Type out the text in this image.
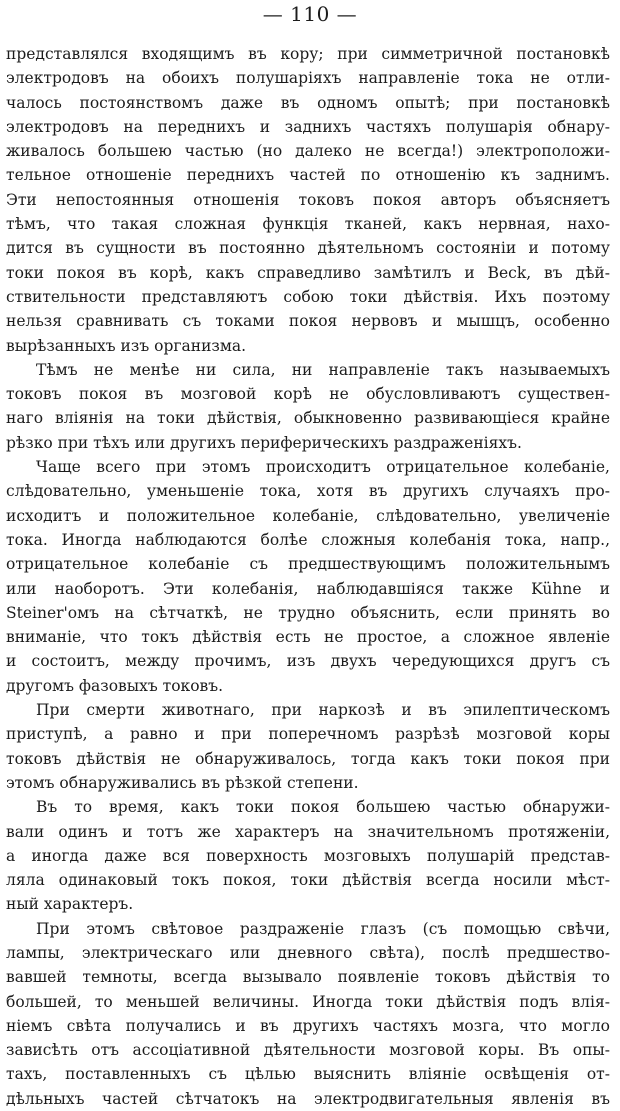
— 110 —
представлялся входящимъ въ кору; при симметричной постановкѣ
электродовъ на обоихъ полушаріяхъ направленіе тока не отли-
чалось постоянствомъ даже въ одномъ опытѣ; при постановкѣ
электродовъ на переднихъ и заднихъ частяхъ полушарія обнару-
живалось большею частью (но далеко не всегда!) электроположи-
тельное отношеніе переднихъ частей по отношенію къ заднимъ.
Эти непостоянныя отношенія токовъ покоя авторъ объясняетъ
тѣмъ, что такая сложная функція тканей, какъ нервная, нахо-
дится въ сущности въ постоянно дѣятельномъ состояніи и потому
токи покоя въ корѣ, какъ справедливо замѣтилъ и Beck, въ дѣй-
ствительности представляютъ собою токи дѣйствія. Ихъ поэтому
нельзя сравнивать съ токами покоя нервовъ и мышцъ, особенно
вырѣзанныхъ изъ организма.
Тѣмъ не менѣе ни сила, ни направленіе такъ называемыхъ
токовъ покоя въ мозговой корѣ не обусловливаютъ существен-
наго вліянія на токи дѣйствія, обыкновенно развивающіеся крайне
рѣзко при тѣхъ или другихъ периферическихъ раздраженіяхъ.
Чаще всего при этомъ происходитъ отрицательное колебаніе,
слѣдовательно, уменьшеніе тока, хотя въ другихъ случаяхъ про-
исходитъ и положительное колебаніе, слѣдовательно, увеличеніе
тока. Иногда наблюдаются болѣе сложныя колебанія тока, напр.,
отрицательное колебаніе съ предшествующимъ положительнымъ
или наоборотъ. Эти колебанія, наблюдавшіяся также Kühne и
Steiner'омъ на сѣтчаткѣ, не трудно объяснить, если принять во
вниманіе, что токъ дѣйствія есть не простое, а сложное явленіе
и состоитъ, между прочимъ, изъ двухъ чередующихся другъ съ
другомъ фазовыхъ токовъ.
При смерти животнаго, при наркозѣ и въ эпилептическомъ
приступѣ, а равно и при поперечномъ разрѣзѣ мозговой коры
токовъ дѣйствія не обнаруживалось, тогда какъ токи покоя при
этомъ обнаруживались въ рѣзкой степени.
Въ то время, какъ токи покоя большею частью обнаружи-
вали одинъ и тотъ же характеръ на значительномъ протяженіи,
а иногда даже вся поверхность мозговыхъ полушарій представ-
ляла одинаковый токъ покоя, токи дѣйствія всегда носили мѣст-
ный характеръ.
При этомъ свѣтовое раздраженіе глазъ (съ помощью свѣчи,
лампы, электрическаго или дневного свѣта), послѣ предшество-
вавшей темноты, всегда вызывало появленіе токовъ дѣйствія то
большей, то меньшей величины. Иногда токи дѣйствія подъ влія-
ніемъ свѣта получались и въ другихъ частяхъ мозга, что могло
зависѣть отъ ассоціативной дѣятельности мозговой коры. Въ опы-
тахъ, поставленныхъ съ цѣлью выяснить вліяніе освѣщенія от-
дѣльныхъ частей сѣтчатокъ на электродвигательныя явленія въ
